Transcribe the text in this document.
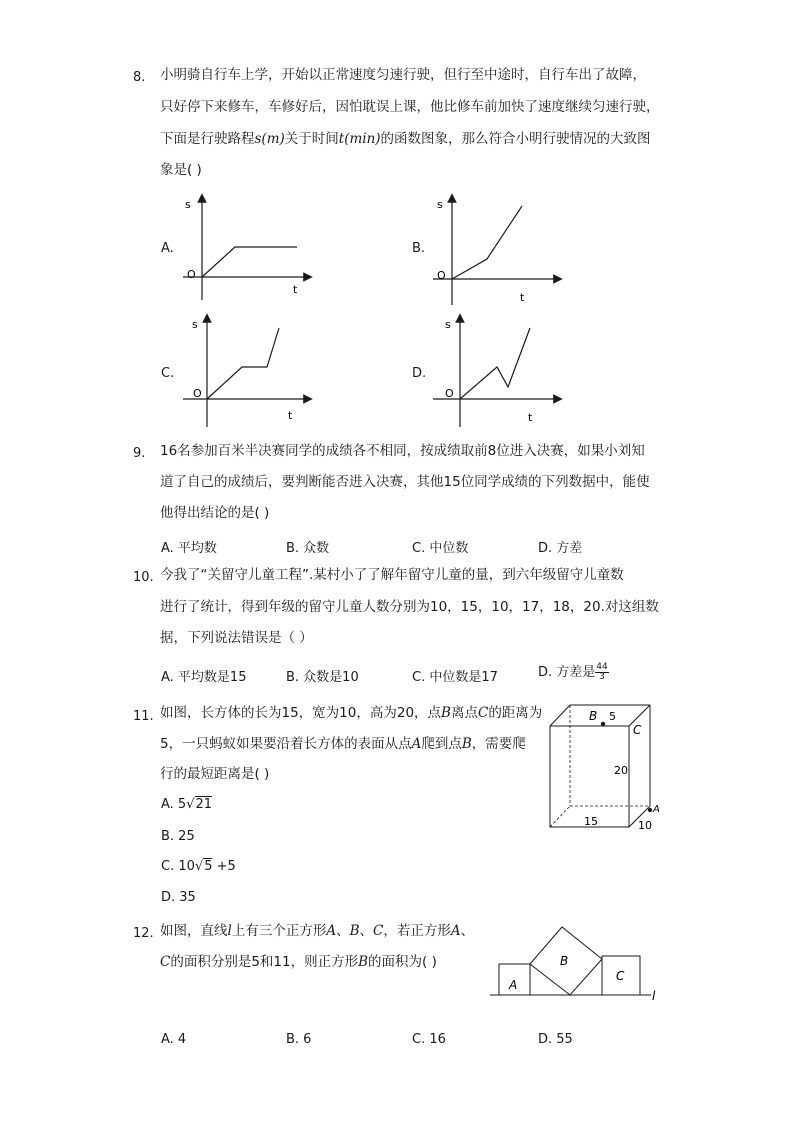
8. 小明骑自行车上学，开始以正常速度匀速行驶，但行至中途时，自行车出了故障，
只好停下来修车，车修好后，因怕耽误上课，他比修车前加快了速度继续匀速行驶，
下面是行驶路程s(m)关于时间t(min)的函数图象，那么符合小明行驶情况的大致图
象是( )
A.
s
O
t
B.
s
O
t
C.
s
O
t
D.
s
O
t
9. 16名参加百米半决赛同学的成绩各不相同，按成绩取前8位进入决赛，如果小刘知
道了自己的成绩后，要判断能否进入决赛，其他15位同学成绩的下列数据中，能使
他得出结论的是( )
A. 平均数	B. 众数	C. 中位数	D. 方差
10. 今我了“关留守儿童工程”.某村小了了解年留守儿童的量，到六年级留守儿童数
进行了统计，得到年级的留守儿童人数分别为10，15，10，17，18，20.对这组数
据，下列说法错误是（ ）
A. 平均数是15	B. 众数是10	C. 中位数是17	D. 方差是 $\frac{44}{3}$
11. 如图，长方体的长为15，宽为10，高为20，点B离点C的距离为
5，一只蚂蚁如果要沿着长方体的表面从点A爬到点B，需要爬
行的最短距离是( )
A. 5√21
B. 25
C. 10√5 +5
D. 35
B 5
C
20
A
15	10
12. 如图，直线l上有三个正方形A、B、C，若正方形A、
C的面积分别是5和11，则正方形B的面积为( )
A
B
C
l
A. 4	B. 6	C. 16	D. 55
